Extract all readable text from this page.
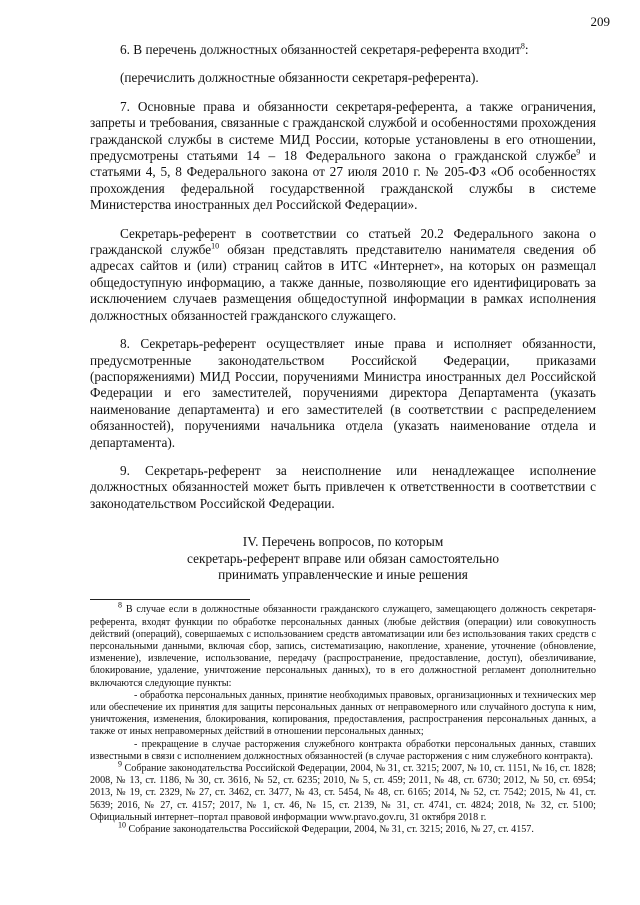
209

6. В перечень должностных обязанностей секретаря-референта входит$^8$:

(перечислить должностные обязанности секретаря-референта).

7. Основные права и обязанности секретаря-референта, а также ограничения, запреты и требования, связанные с гражданской службой и особенностями прохождения гражданской службы в системе МИД России, которые установлены в его отношении, предусмотрены статьями 14 – 18 Федерального закона о гражданской службе$^9$ и статьями 4, 5, 8 Федерального закона от 27 июля 2010 г. № 205-ФЗ «Об особенностях прохождения федеральной государственной гражданской службы в системе Министерства иностранных дел Российской Федерации».

Секретарь-референт в соответствии со статьей 20.2 Федерального закона о гражданской службе$^{10}$ обязан представлять представителю нанимателя сведения об адресах сайтов и (или) страниц сайтов в ИТС «Интернет», на которых он размещал общедоступную информацию, а также данные, позволяющие его идентифицировать за исключением случаев размещения общедоступной информации в рамках исполнения должностных обязанностей гражданского служащего.

8. Секретарь-референт осуществляет иные права и исполняет обязанности, предусмотренные законодательством Российской Федерации, приказами (распоряжениями) МИД России, поручениями Министра иностранных дел Российской Федерации и его заместителей, поручениями директора Департамента (указать наименование департамента) и его заместителей (в соответствии с распределением обязанностей), поручениями начальника отдела (указать наименование отдела и департамента).

9. Секретарь-референт за неисполнение или ненадлежащее исполнение должностных обязанностей может быть привлечен к ответственности в соответствии с законодательством Российской Федерации.

IV. Перечень вопросов, по которым
секретарь-референт вправе или обязан самостоятельно
принимать управленческие и иные решения

$^8$ В случае если в должностные обязанности гражданского служащего, замещающего должность секретаря-референта, входят функции по обработке персональных данных (любые действия (операции) или совокупность действий (операций), совершаемых с использованием средств автоматизации или без использования таких средств с персональными данными, включая сбор, запись, систематизацию, накопление, хранение, уточнение (обновление, изменение), извлечение, использование, передачу (распространение, предоставление, доступ), обезличивание, блокирование, удаление, уничтожение персональных данных), то в его должностной регламент дополнительно включаются следующие пункты:

- обработка персональных данных, принятие необходимых правовых, организационных и технических мер или обеспечение их принятия для защиты персональных данных от неправомерного или случайного доступа к ним, уничтожения, изменения, блокирования, копирования, предоставления, распространения персональных данных, а также от иных неправомерных действий в отношении персональных данных;

- прекращение в случае расторжения служебного контракта обработки персональных данных, ставших известными в связи с исполнением должностных обязанностей (в случае расторжения с ним служебного контракта).

$^9$ Собрание законодательства Российской Федерации, 2004, № 31, ст. 3215; 2007, № 10, ст. 1151, № 16, ст. 1828; 2008, № 13, ст. 1186, № 30, ст. 3616, № 52, ст. 6235; 2010, № 5, ст. 459; 2011, № 48, ст. 6730; 2012, № 50, ст. 6954; 2013, № 19, ст. 2329, № 27, ст. 3462, ст. 3477, № 43, ст. 5454, № 48, ст. 6165; 2014, № 52, ст. 7542; 2015, № 41, ст. 5639; 2016, № 27, ст. 4157; 2017, № 1, ст. 46, № 15, ст. 2139, № 31, ст. 4741, ст. 4824; 2018, № 32, ст. 5100; Официальный интернет–портал правовой информации www.pravo.gov.ru, 31 октября 2018 г.

$^{10}$ Собрание законодательства Российской Федерации, 2004, № 31, ст. 3215; 2016, № 27, ст. 4157.
